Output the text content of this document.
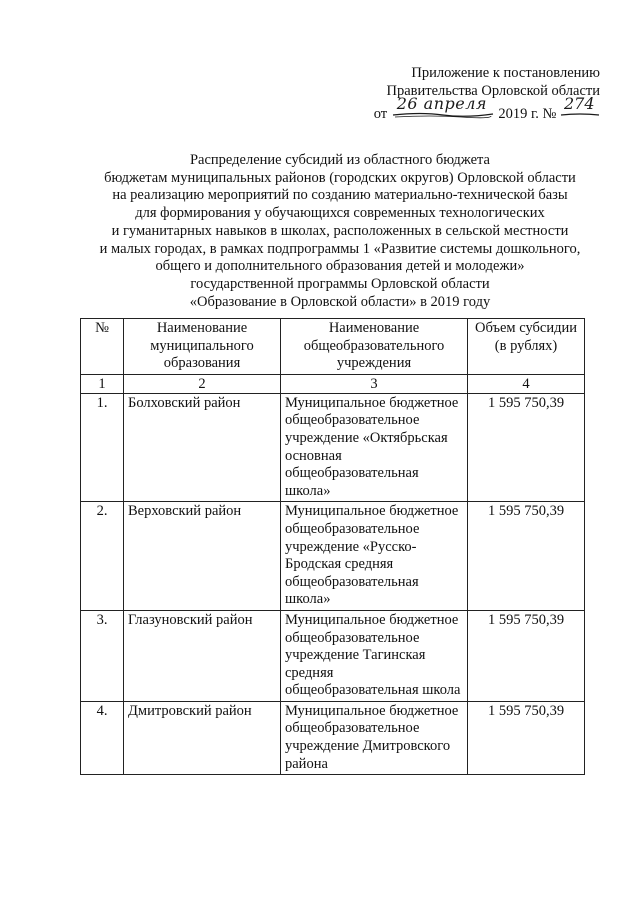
Приложение к постановлению
Правительства Орловской области
от
26 апреля
2019 г. №
274
Распределение субсидий из областного бюджета
бюджетам муниципальных районов (городских округов) Орловской области
на реализацию мероприятий по созданию материально-технической базы
для формирования у обучающихся современных технологических
и гуманитарных навыков в школах, расположенных в сельской местности
и малых городах, в рамках подпрограммы 1 «Развитие системы дошкольного,
общего и дополнительного образования детей и молодежи»
государственной программы Орловской области
«Образование в Орловской области» в 2019 году
№	Наименование муниципального образования	Наименование общеобразовательного учреждения	Объем субсидии (в рублях)
1	2	3	4
1.	Болховский район	Муниципальное бюджетное общеобразовательное учреждение «Октябрьская основная общеобразовательная школа»	1 595 750,39
2.	Верховский район	Муниципальное бюджетное общеобразовательное учреждение «Русско-Бродская средняя общеобразовательная школа»	1 595 750,39
3.	Глазуновский район	Муниципальное бюджетное общеобразовательное учреждение Тагинская средняя общеобразовательная школа	1 595 750,39
4.	Дмитровский район	Муниципальное бюджетное общеобразовательное учреждение Дмитровского района	1 595 750,39
